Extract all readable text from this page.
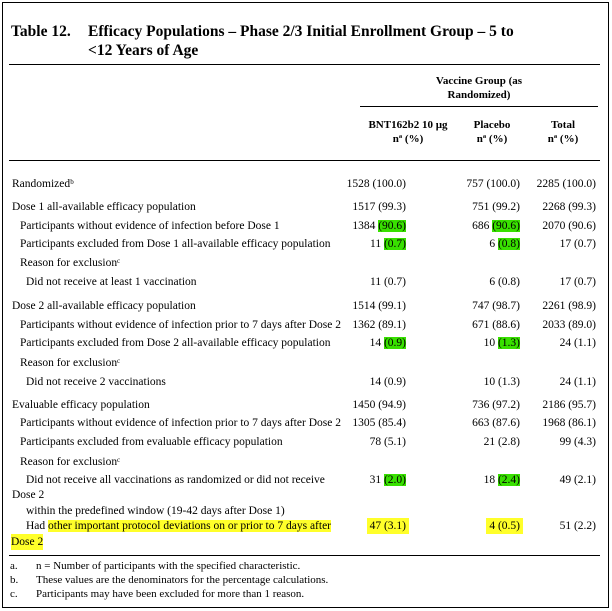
Table 12. Efficacy Populations – Phase 2/3 Initial Enrollment Group – 5 to
<12 Years of Age
Vaccine Group (as
Randomized)
BNT162b2 10 µg
nª (%)
Placebo
nª (%)
Total
nª (%)
Randomizedᵇ	1528 (100.0)	757 (100.0) 2285 (100.0)
Dose 1 all-available efficacy population	1517 (99.3)	751 (99.2) 2268 (99.3)
Participants without evidence of infection before Dose 1	1384 (90.6)	686 (90.6) 2070 (90.6)
Participants excluded from Dose 1 all-available efficacy population	11 (0.7)	6 (0.8)	17 (0.7)
Reason for exclusionᶜ
Did not receive at least 1 vaccination	11 (0.7)	6 (0.8)	17 (0.7)
Dose 2 all-available efficacy population	1514 (99.1)	747 (98.7) 2261 (98.9)
Participants without evidence of infection prior to 7 days after Dose 2 1362 (89.1)	671 (88.6) 2033 (89.0)
Participants excluded from Dose 2 all-available efficacy population	14 (0.9)	10 (1.3)	24 (1.1)
Reason for exclusionᶜ
Did not receive 2 vaccinations	14 (0.9)	10 (1.3)	24 (1.1)
Evaluable efficacy population	1450 (94.9)	736 (97.2) 2186 (95.7)
Participants without evidence of infection prior to 7 days after Dose 2 1305 (85.4)	663 (87.6) 1968 (86.1)
Participants excluded from evaluable efficacy population	78 (5.1)	21 (2.8)	99 (4.3)
Reason for exclusionᶜ
Did not receive all vaccinations as randomized or did not receive
Dose 2
within the predefined window (19-42 days after Dose 1)
31 (2.0)	18 (2.4)	49 (2.1)
Had other important protocol deviations on or prior to 7 days after
Dose 2
47 (3.1)	4 (0.5)	51 (2.2)
a. n = Number of participants with the specified characteristic.
b. These values are the denominators for the percentage calculations.
c. Participants may have been excluded for more than 1 reason.
